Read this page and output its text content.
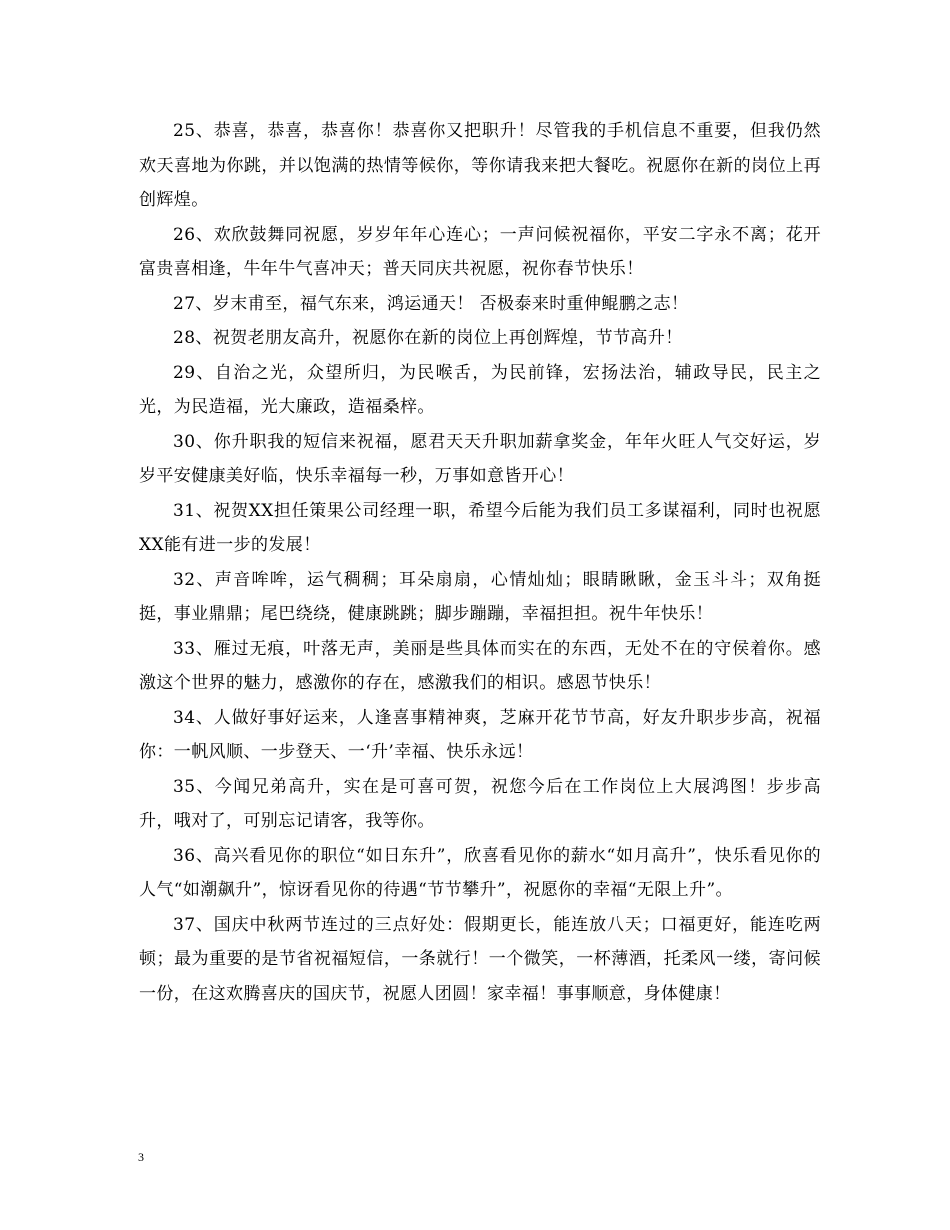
25、恭喜，恭喜，恭喜你！恭喜你又把职升！尽管我的手机信息不重要，但我仍然欢天喜地为你跳，并以饱满的热情等候你，等你请我来把大餐吃。祝愿你在新的岗位上再创辉煌。

26、欢欣鼓舞同祝愿，岁岁年年心连心；一声问候祝福你，平安二字永不离；花开富贵喜相逢，牛年牛气喜冲天；普天同庆共祝愿，祝你春节快乐！

27、岁末甫至，福气东来，鸿运通天！ 否极泰来时重伸鲲鹏之志！

28、祝贺老朋友高升，祝愿你在新的岗位上再创辉煌，节节高升！

29、自治之光，众望所归，为民喉舌，为民前锋，宏扬法治，辅政导民，民主之光，为民造福，光大廉政，造福桑梓。

30、你升职我的短信来祝福，愿君天天升职加薪拿奖金，年年火旺人气交好运，岁岁平安健康美好临，快乐幸福每一秒，万事如意皆开心！

31、祝贺XX担任策果公司经理一职，希望今后能为我们员工多谋福利，同时也祝愿XX能有进一步的发展！

32、声音哞哞，运气稠稠；耳朵扇扇，心情灿灿；眼睛瞅瞅，金玉斗斗；双角挺挺，事业鼎鼎；尾巴绕绕，健康跳跳；脚步蹦蹦，幸福担担。祝牛年快乐！

33、雁过无痕，叶落无声，美丽是些具体而实在的东西，无处不在的守侯着你。感激这个世界的魅力，感激你的存在，感激我们的相识。感恩节快乐！

34、人做好事好运来，人逢喜事精神爽，芝麻开花节节高，好友升职步步高，祝福你：一帆风顺、一步登天、一‘升’幸福、快乐永远！

35、今闻兄弟高升，实在是可喜可贺，祝您今后在工作岗位上大展鸿图！步步高升，哦对了，可别忘记请客，我等你。

36、高兴看见你的职位“如日东升”，欣喜看见你的薪水“如月高升”，快乐看见你的人气“如潮飙升”，惊讶看见你的待遇“节节攀升”，祝愿你的幸福“无限上升”。

37、国庆中秋两节连过的三点好处：假期更长，能连放八天；口福更好，能连吃两顿；最为重要的是节省祝福短信，一条就行！一个微笑，一杯薄酒，托柔风一缕，寄问候一份，在这欢腾喜庆的国庆节，祝愿人团圆！家幸福！事事顺意，身体健康！

3
